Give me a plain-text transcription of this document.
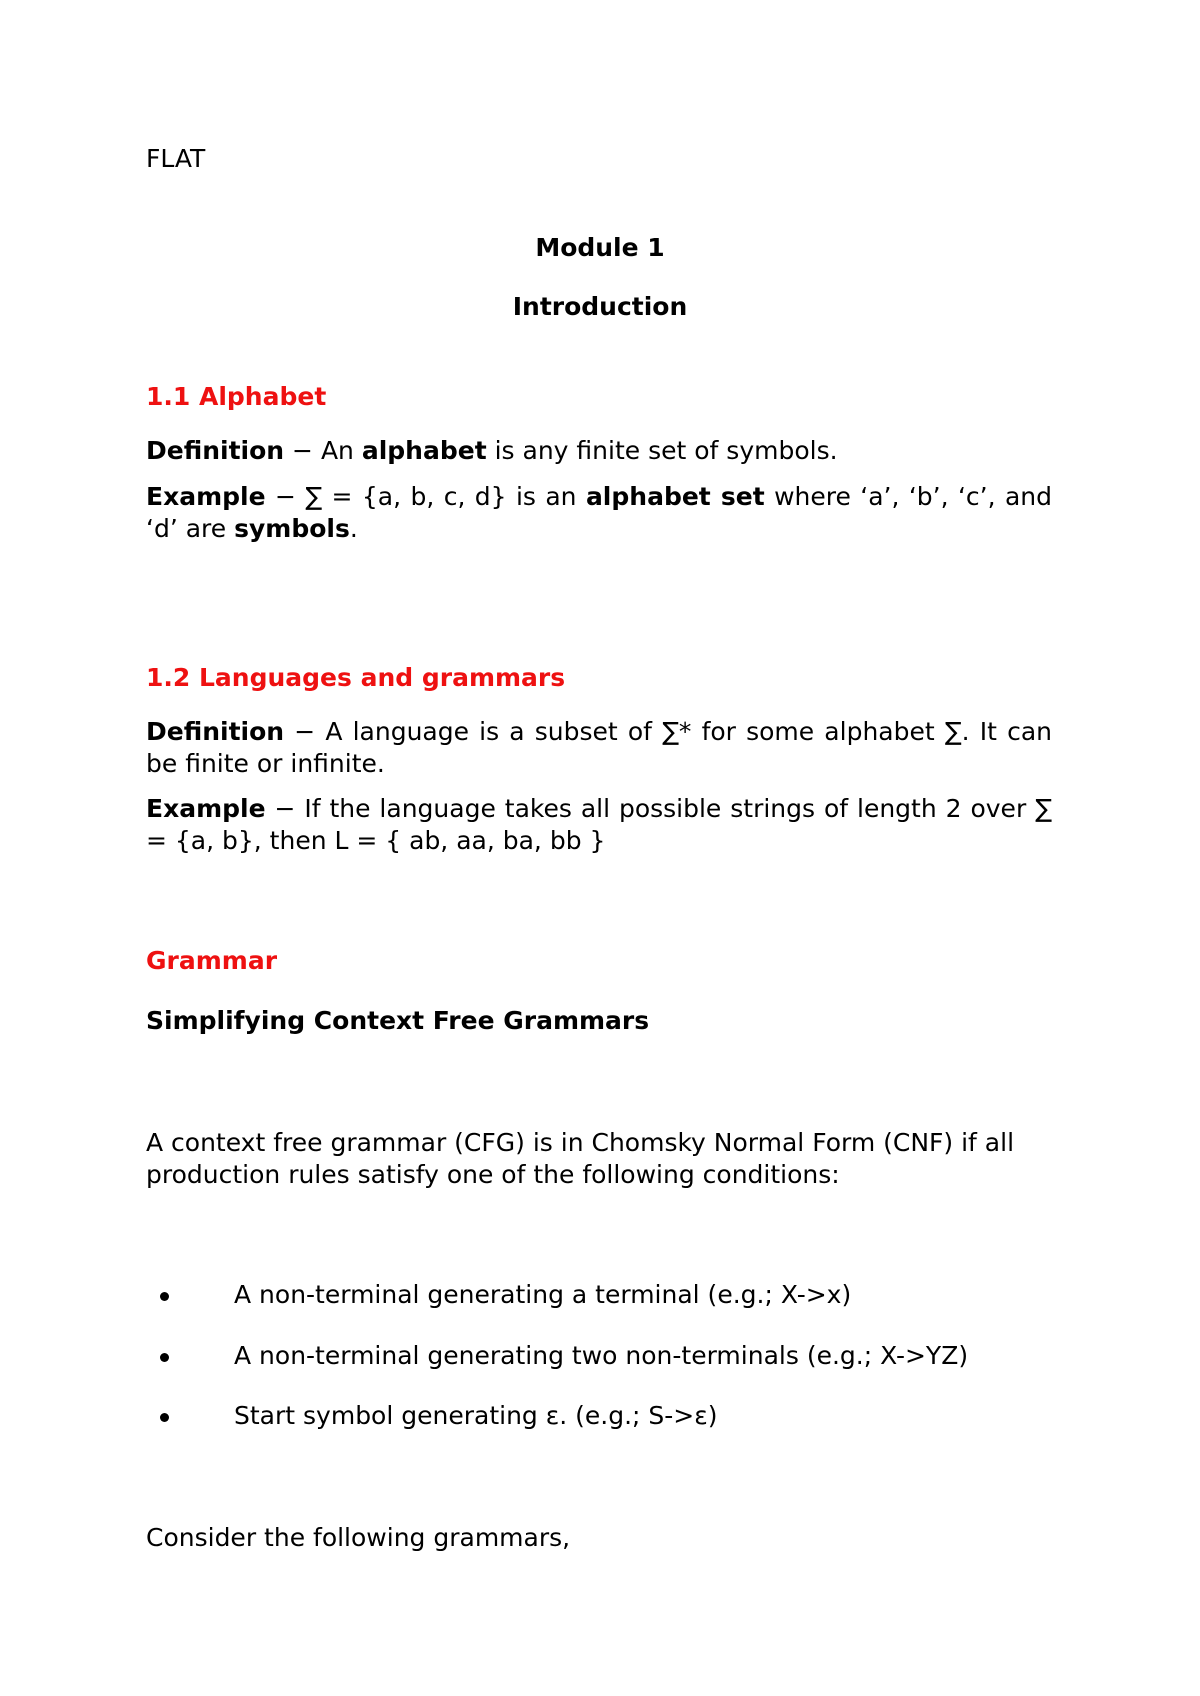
FLAT
Module 1
Introduction
1.1 Alphabet
Definition − An alphabet is any finite set of symbols.
Example − ∑ = {a, b, c, d} is an alphabet set where ‘a’, ‘b’, ‘c’, and ‘d’ are symbols.
1.2 Languages and grammars
Definition − A language is a subset of ∑* for some alphabet ∑. It can be finite or infinite.
Example − If the language takes all possible strings of length 2 over ∑ = {a, b}, then L = { ab, aa, ba, bb }
Grammar
Simplifying Context Free Grammars
A context free grammar (CFG) is in Chomsky Normal Form (CNF) if all production rules satisfy one of the following conditions:
A non-terminal generating a terminal (e.g.; X->x)
A non-terminal generating two non-terminals (e.g.; X->YZ)
Start symbol generating ε. (e.g.; S->ε)
Consider the following grammars,
